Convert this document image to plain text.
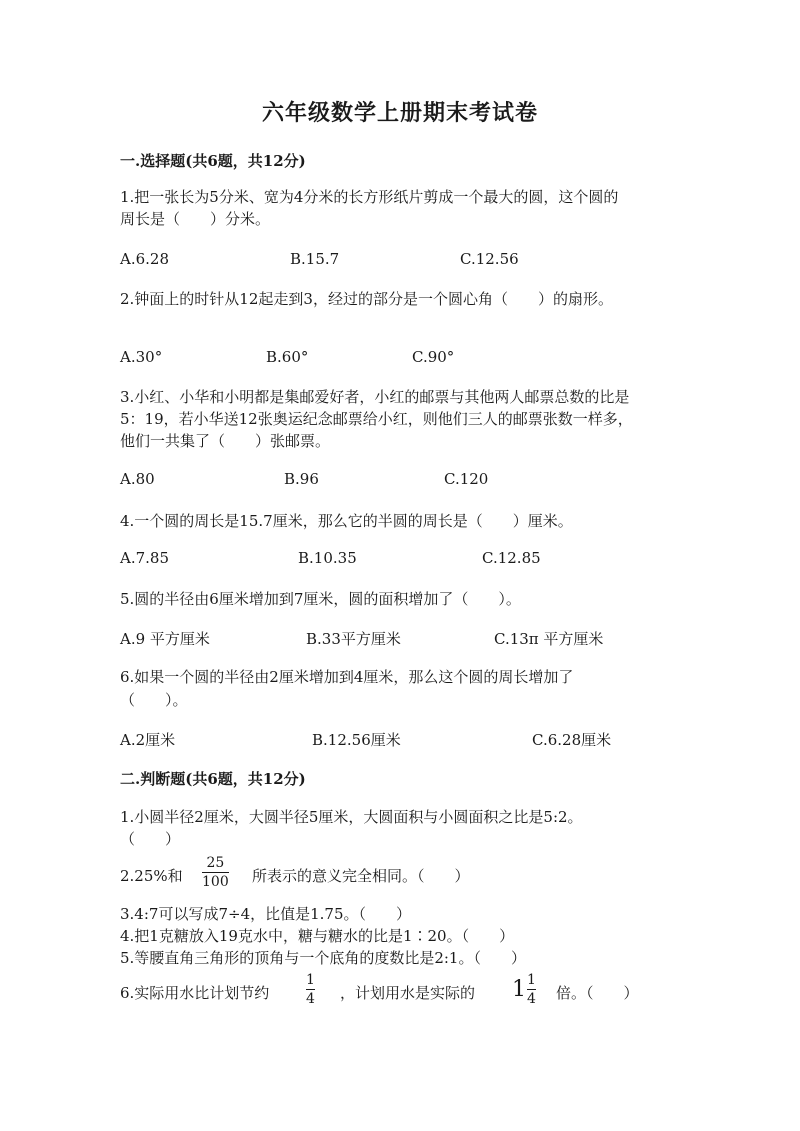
六年级数学上册期末考试卷
一.选择题(共6题，共12分)
1.把一张长为5分米、宽为4分米的长方形纸片剪成一个最大的圆，这个圆的
周长是（　　）分米。
A.6.28	B.15.7	C.12.56
2.钟面上的时针从12起走到3，经过的部分是一个圆心角（　　）的扇形。
A.30°	B.60°	C.90°
3.小红、小华和小明都是集邮爱好者，小红的邮票与其他两人邮票总数的比是
5：19，若小华送12张奥运纪念邮票给小红，则他们三人的邮票张数一样多，
他们一共集了（　　）张邮票。
A.80	B.96	C.120
4.一个圆的周长是15.7厘米，那么它的半圆的周长是（　　）厘米。
A.7.85	B.10.35	C.12.85
5.圆的半径由6厘米增加到7厘米，圆的面积增加了（　　）。
A.9 平方厘米	B.33平方厘米	C.13π 平方厘米
6.如果一个圆的半径由2厘米增加到4厘米，那么这个圆的周长增加了
（　　）。
A.2厘米	B.12.56厘米	C.6.28厘米
二.判断题(共6题，共12分)
1.小圆半径2厘米，大圆半径5厘米，大圆面积与小圆面积之比是5:2。
（　　）
2.25%和
25
100 所表示的意义完全相同。（　　）
3.4:7可以写成7÷4，比值是1.75。（　　）
4.把1克糖放入19克水中，糖与糖水的比是1∶20。（　　）
5.等腰直角三角形的顶角与一个底角的度数比是2:1。（　　）
6.实际用水比计划节约
1
4 ，计划用水是实际的 $1 \frac{1}{4}$ 倍。（　　）
